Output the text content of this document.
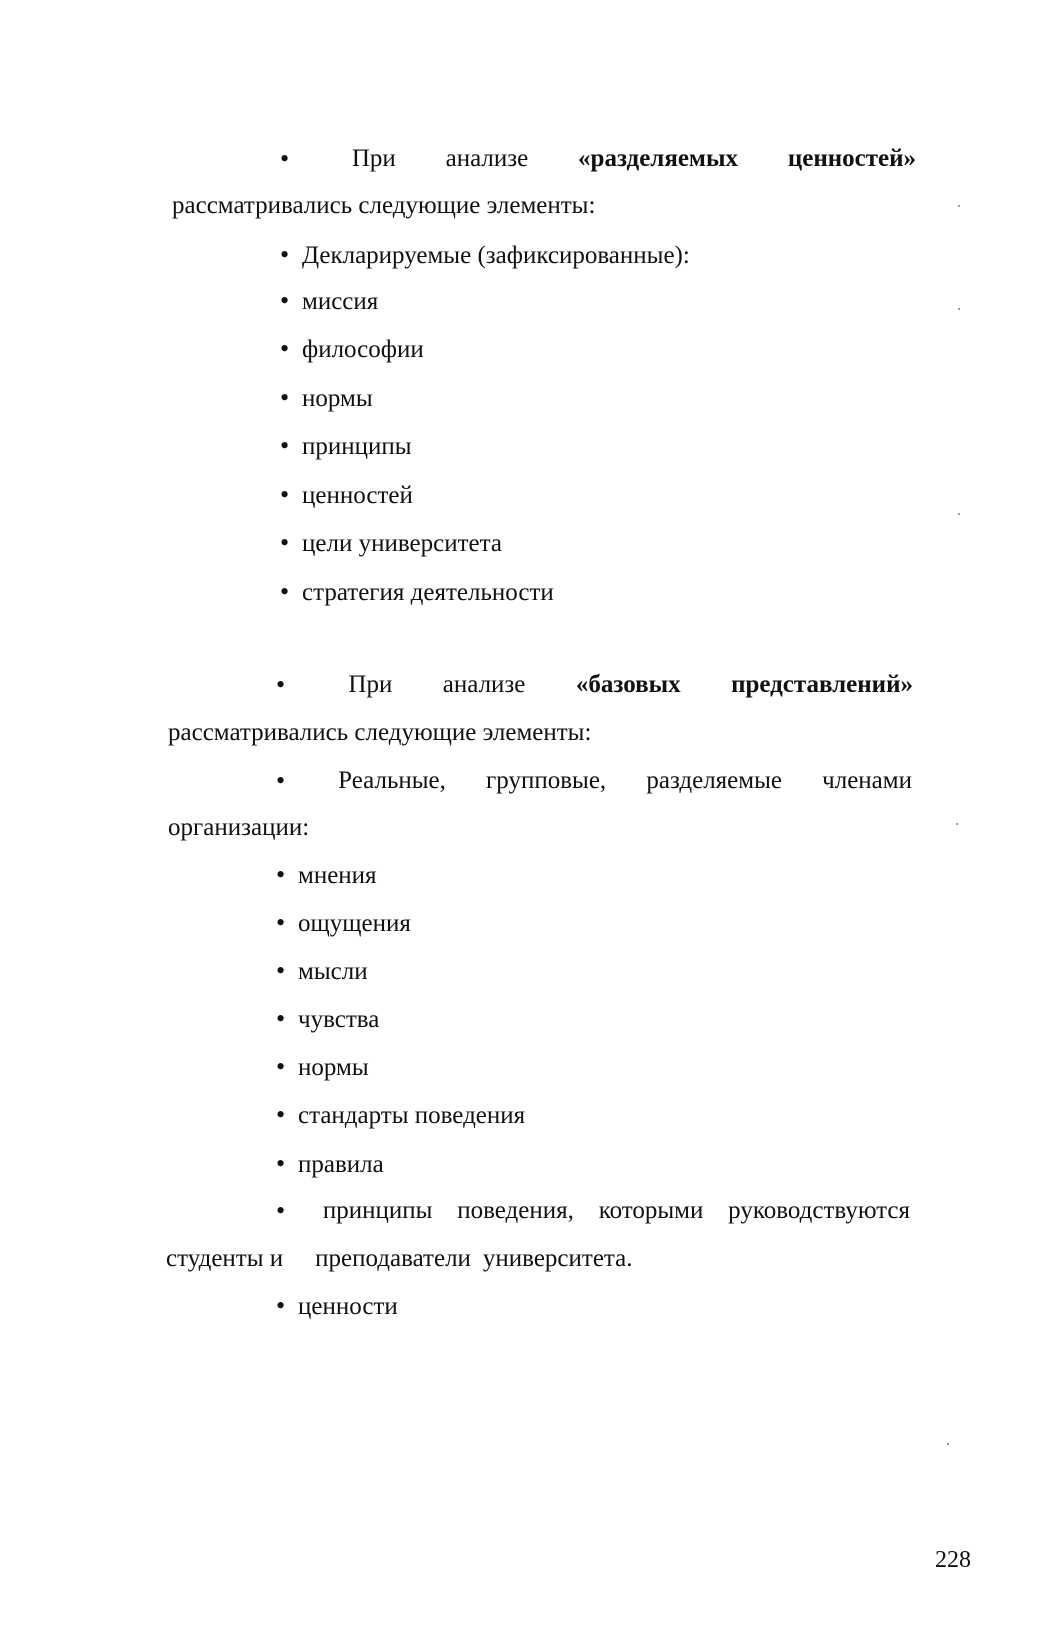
• При анализе «разделяемых ценностей»
рассматривались следующие элементы:
• Декларируемые (зафиксированные):
• миссия
• философии
• нормы
• принципы
• ценностей
• цели университета
• стратегия деятельности
• При анализе «базовых представлений»
рассматривались следующие элементы:
• Реальные, групповые, разделяемые членами
организации:
• мнения
• ощущения
• мысли
• чувства
• нормы
• стандарты поведения
• правила
• принципы поведения, которыми руководствуются
студенты и преподаватели университета.
• ценности
228
